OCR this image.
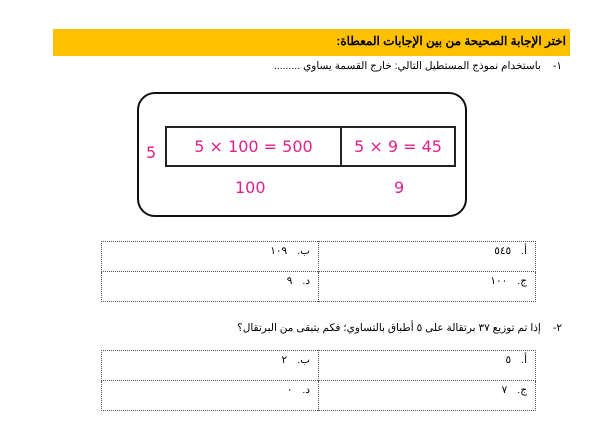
اختر الإجابة الصحيحة من بين الإجابات المعطاة:
١-باستخدام نموذج المستطيل التالي: خارج القسمة يساوي .........
5	5 × 100 = 500	5 × 9 = 45
100	9
أ.٥٤٥	ب.١٠٩
ج.١٠٠	د.٩
٢-إذا تم توزيع ٣٧ برتقالة على ٥ أطباق بالتساوي؛ فكم يتبقى من البرتقال؟
أ.٥	ب.٢
ج.٧	د.٠
